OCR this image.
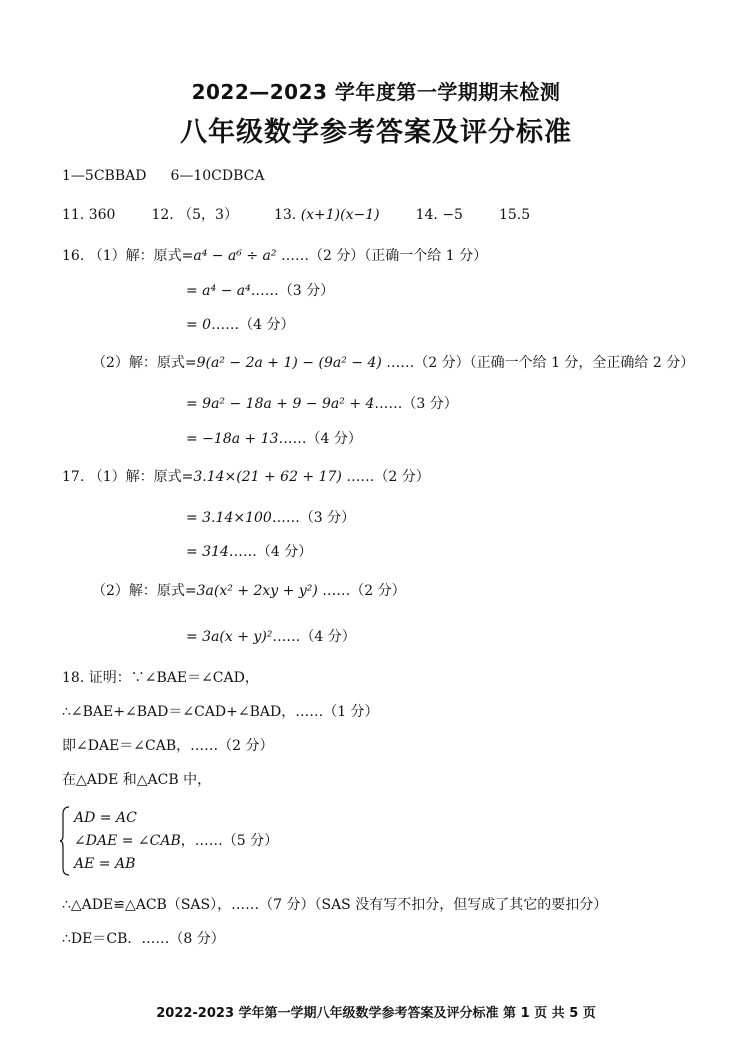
2022—2023 学年度第一学期期末检测
八年级数学参考答案及评分标准
1—5CBBAD 6—10CDBCA
11. 360	12. （5，3）	13. (x+1)(x−1)	14. −5	15.5
16. （1）解：原式=a⁴ − a⁶ ÷ a² ……（2 分）（正确一个给 1 分）
= a⁴ − a⁴……（3 分）
= 0……（4 分）
（2）解：原式=9(a² − 2a + 1) − (9a² − 4) ……（2 分）（正确一个给 1 分，全正确给 2 分）
= 9a² − 18a + 9 − 9a² + 4……（3 分）
= −18a + 13……（4 分）
17. （1）解：原式=3.14×(21 + 62 + 17) ……（2 分）
= 3.14×100……（3 分）
= 314……（4 分）
（2）解：原式=3a(x² + 2xy + y²) ……（2 分）
= 3a(x + y)²……（4 分）
18. 证明：∵∠BAE＝∠CAD，
∴∠BAE+∠BAD＝∠CAD+∠BAD，……（1 分）
即∠DAE＝∠CAB，……（2 分）
在△ADE 和△ACB 中，
AD = AC
∠DAE = ∠CAB，……（5 分）
AE = AB
∴△ADE≌△ACB（SAS），……（7 分）（SAS 没有写不扣分，但写成了其它的要扣分）
∴DE＝CB．……（8 分）
2022-2023 学年第一学期八年级数学参考答案及评分标准 第 1 页 共 5 页
